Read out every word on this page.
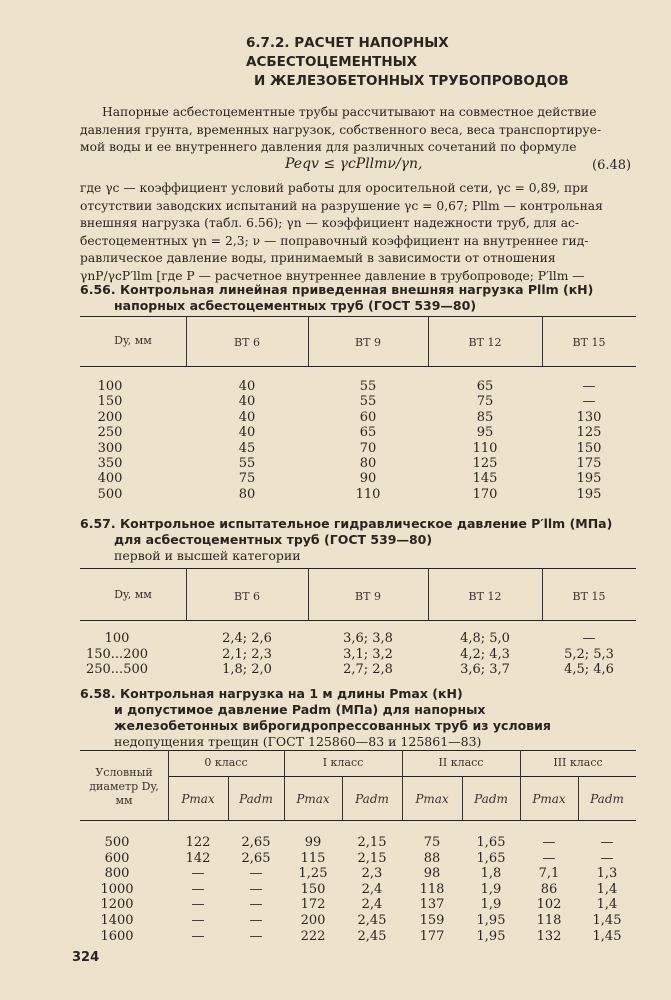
6.7.2. РАСЧЕТ НАПОРНЫХ
АСБЕСТОЦЕМЕНТНЫХ
И ЖЕЛЕЗОБЕТОННЫХ ТРУБОПРОВОДОВ
Напорные асбестоцементные трубы рассчитывают на совместное действие
давления грунта, временных нагрузок, собственного веса, веса транспортируе-
мой воды и ее внутреннего давления для различных сочетаний по формуле
Peqv ≤ γcPllmν/γn,	(6.48)
где γc — коэффициент условий работы для оросительной сети, γc = 0,89, при
отсутствии заводских испытаний на разрушение γc = 0,67; Pllm — контрольная
внешняя нагрузка (табл. 6.56); γn — коэффициент надежности труб, для ас-
бестоцементных γn = 2,3; ν — поправочный коэффициент на внутреннее гид-
равлическое давление воды, принимаемый в зависимости от отношения
γnP/γcP′llm [где P — расчетное внутреннее давление в трубопроводе; P′llm —
6.56. Контрольная линейная приведенная внешняя нагрузка Pllm (кН)
напорных асбестоцементных труб (ГОСТ 539—80)
Dy, мм	ВТ 6	ВТ 9	ВТ 12	ВТ 15
100	40	55	65	—
150	40	55	75	—
200	40	60	85	130
250	40	65	95	125
300	45	70	110	150
350	55	80	125	175
400	75	90	145	195
500	80	110	170	195
6.57. Контрольное испытательное гидравлическое давление P′llm (МПа)
для асбестоцементных труб (ГОСТ 539—80)
первой и высшей категории
Dy, мм	ВТ 6	ВТ 9	ВТ 12	ВТ 15
100	2,4; 2,6	3,6; 3,8	4,8; 5,0	—
150...200	2,1; 2,3	3,1; 3,2	4,2; 4,3	5,2; 5,3
250...500	1,8; 2,0	2,7; 2,8	3,6; 3,7	4,5; 4,6
6.58. Контрольная нагрузка на 1 м длины Pmax (кН)
и допустимое давление Padm (МПа) для напорных
железобетонных виброгидропрессованных труб из условия
недопущения трещин (ГОСТ 125860—83 и 125861—83)
Условный
диаметр Dy,
мм
0 класс	I класс	II класс	III класс
Pmax	Padm	Pmax	Padm	Pmax	Padm	Pmax	Padm
500	122	2,65	99	2,15	75	1,65	—	—
600	142	2,65	115	2,15	88	1,65	—	—
800	—	—	1,25	2,3	98	1,8	7,1	1,3
1000	—	—	150	2,4	118	1,9	86	1,4
1200	—	—	172	2,4	137	1,9	102	1,4
1400	—	—	200	2,45	159	1,95	118	1,45
1600	—	—	222	2,45	177	1,95	132	1,45
324
